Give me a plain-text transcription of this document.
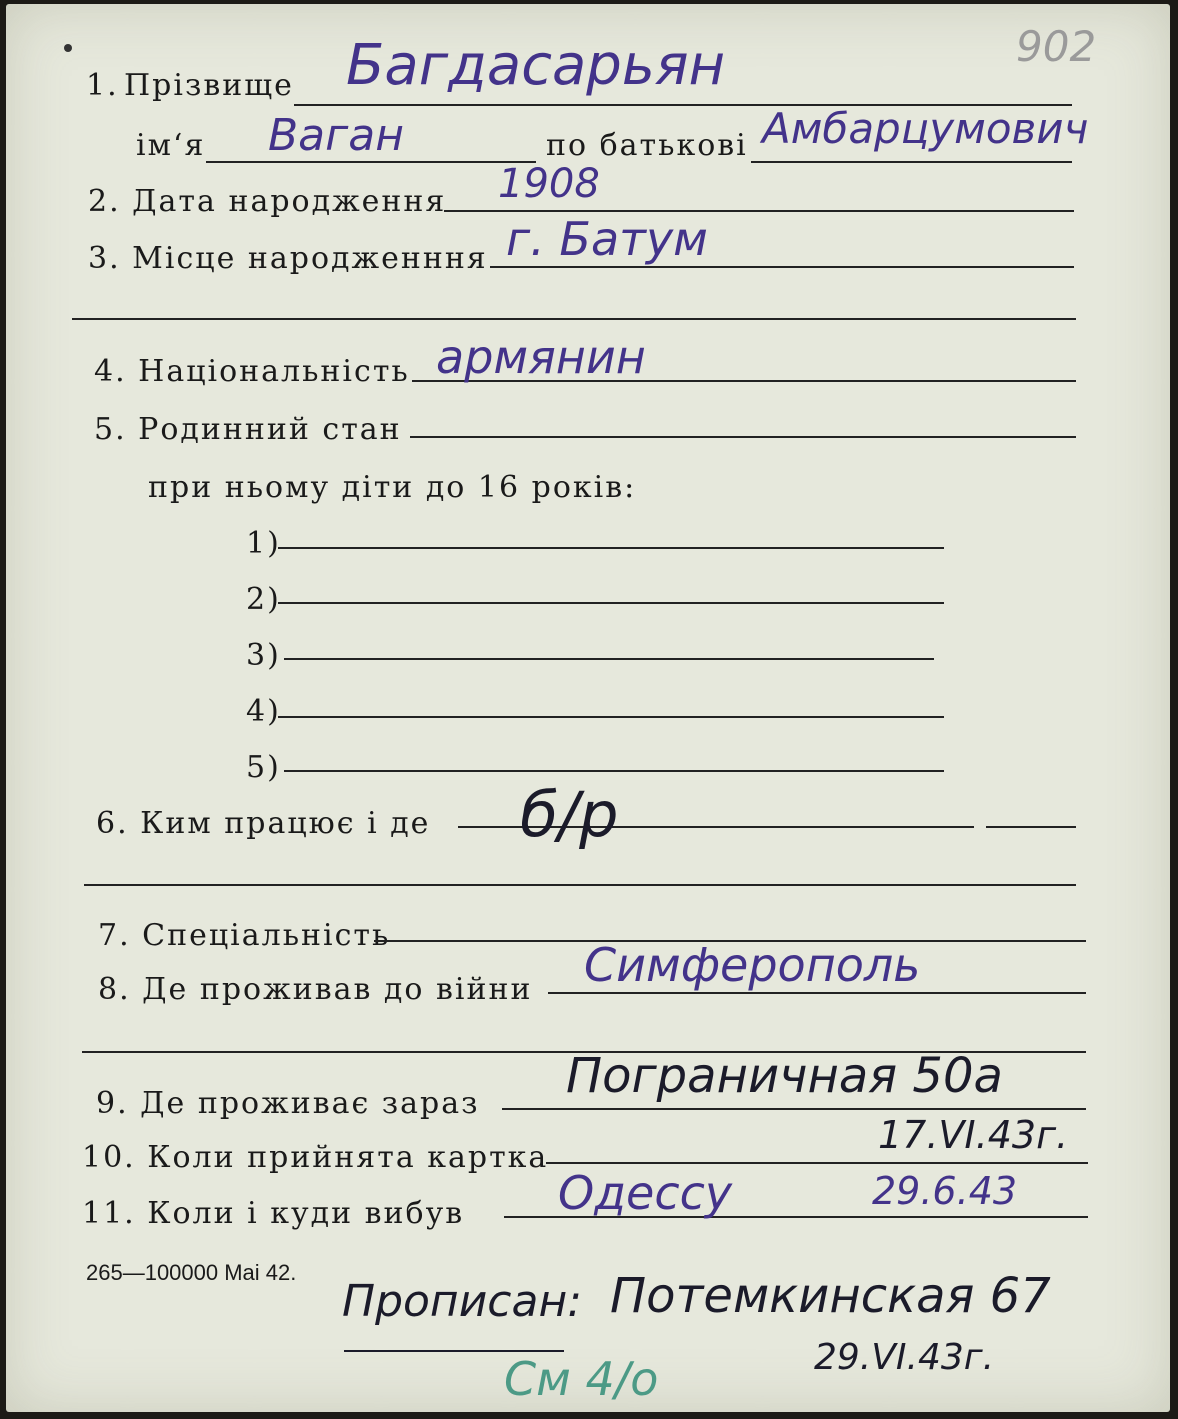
902
1. Прізвище Багдасарьян
ім‘я Ваган	по батькові Амбарцумович
2. Дата народження 1908
3. Місце народженння г. Батум
4. Національність армянин
5. Родинний стан
при ньому діти до 16 років:
1)
2)
3)
4)
5)
6. Ким працює і де б/р
7. Спеціальність
8. Де проживав до війни Симферополь
9. Де проживає зараз Пограничная 50а
10. Коли прийнята картка
17.VI.43г.
11. Коли і куди вибув Одессу	29.6.43
265—100000 Mai 42.
Прописан: Потемкинская 67
29.VI.43г.
См 4/о
